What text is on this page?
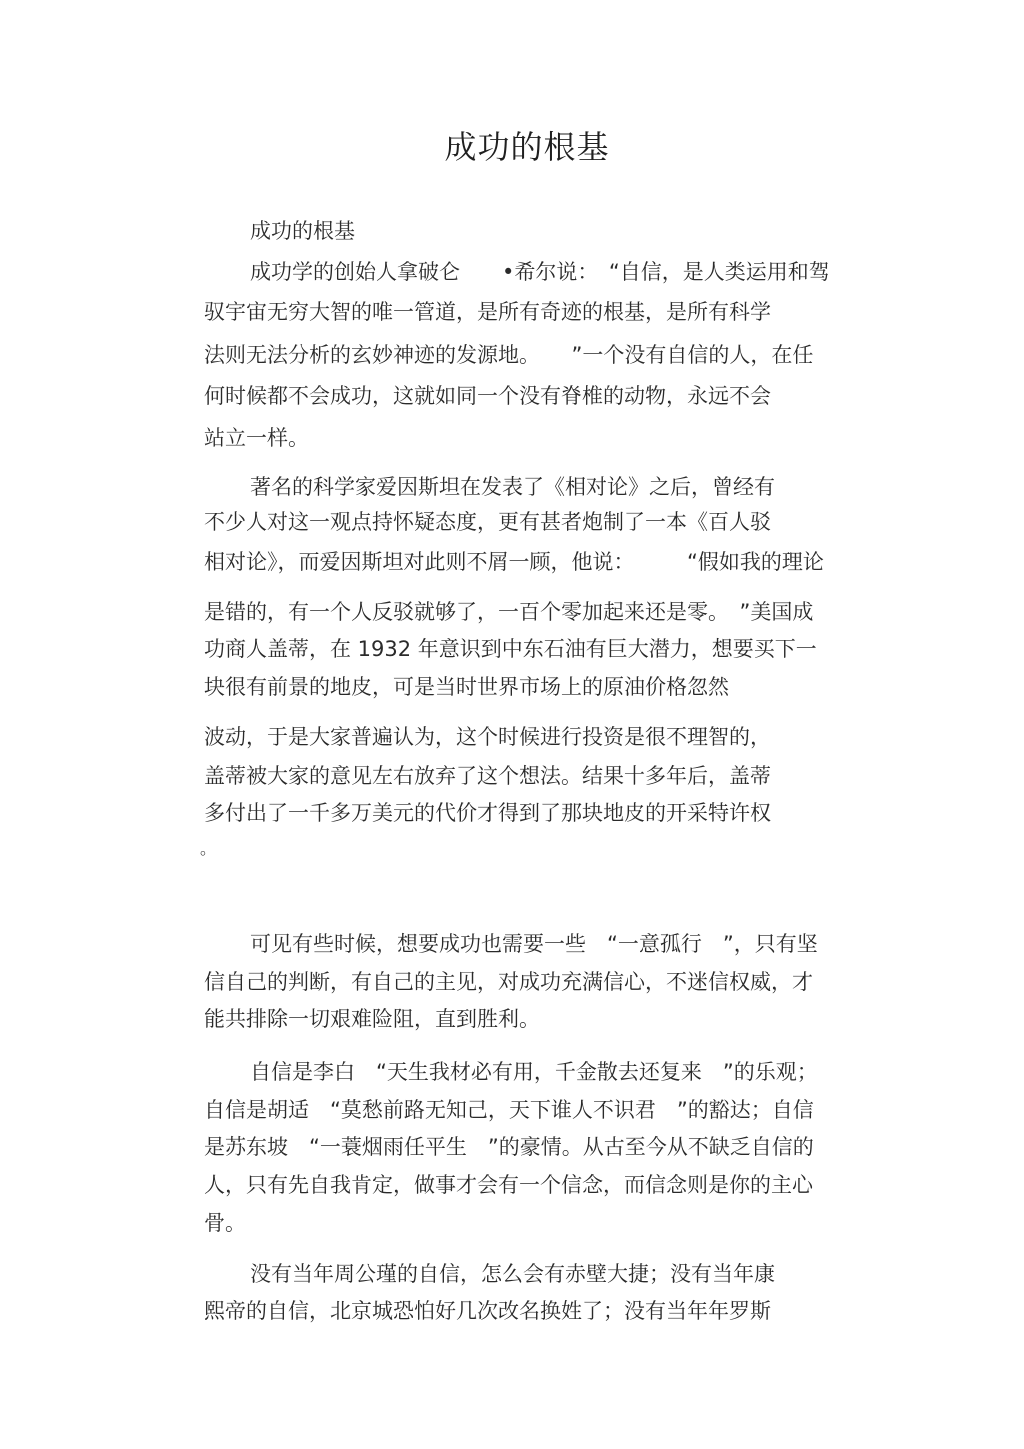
成功的根基

成功的根基

成功学的创始人拿破仑　　•希尔说：　“自信，是人类运用和驾

驭宇宙无穷大智的唯一管道，是所有奇迹的根基，是所有科学

法则无法分析的玄妙神迹的发源地。　　”一个没有自信的人，在任

何时候都不会成功，这就如同一个没有脊椎的动物，永远不会

站立一样。

著名的科学家爱因斯坦在发表了《相对论》之后，曾经有

不少人对这一观点持怀疑态度，更有甚者炮制了一本《百人驳

相对论》，而爱因斯坦对此则不屑一顾，他说：　　　“假如我的理论

是错的，有一个人反驳就够了，一百个零加起来还是零。　”美国成

功商人盖蒂，在 1932 年意识到中东石油有巨大潜力，想要买下一

块很有前景的地皮，可是当时世界市场上的原油价格忽然

波动，于是大家普遍认为，这个时候进行投资是很不理智的，

盖蒂被大家的意见左右放弃了这个想法。结果十多年后，盖蒂

多付出了一千多万美元的代价才得到了那块地皮的开采特许权

。

可见有些时候，想要成功也需要一些　“一意孤行　”，只有坚

信自己的判断，有自己的主见，对成功充满信心，不迷信权威，才

能共排除一切艰难险阻，直到胜利。

自信是李白　“天生我材必有用，千金散去还复来　”的乐观；

自信是胡适　“莫愁前路无知己，天下谁人不识君　”的豁达；自信

是苏东坡　“一蓑烟雨任平生　”的豪情。从古至今从不缺乏自信的

人，只有先自我肯定，做事才会有一个信念，而信念则是你的主心

骨。

没有当年周公瑾的自信，怎么会有赤壁大捷；没有当年康

熙帝的自信，北京城恐怕好几次改名换姓了；没有当年年罗斯
